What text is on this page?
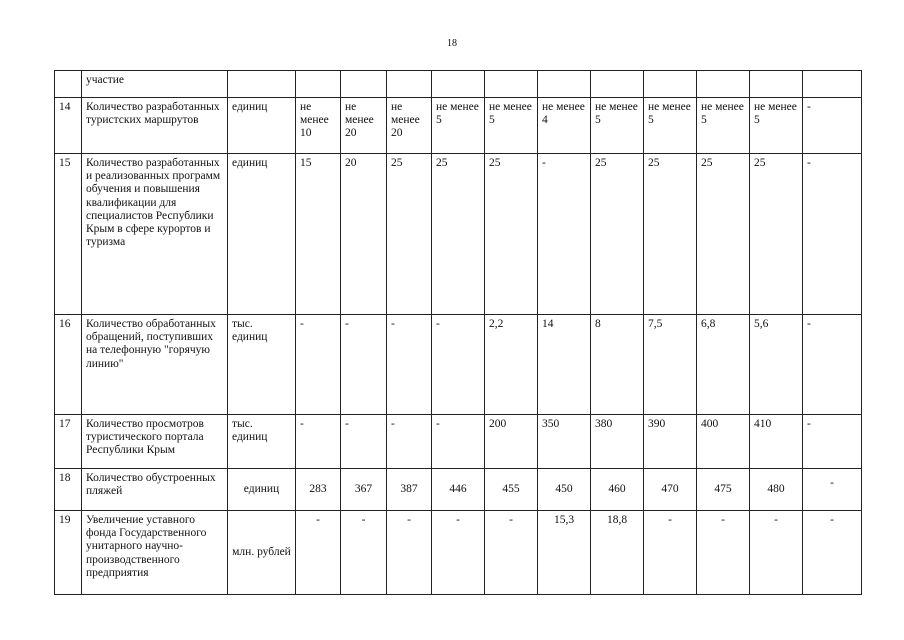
18
	участие												
14	Количество разработанных туристских маршрутов	единиц	не менее 10	не менее 20	не менее 20	не менее 5	не менее 5	не менее 4	не менее 5	не менее 5	не менее 5	не менее 5	-
15	Количество разработанных и реализованных программ обучения и повышения квалификации для специалистов Республики Крым в сфере курортов и туризма	единиц	15	20	25	25	25	-	25	25	25	25	-
16	Количество обработанных обращений, поступивших на телефонную "горячую линию"	тыс. единиц	-	-	-	-	2,2	14	8	7,5	6,8	5,6	-
17	Количество просмотров туристического портала Республики Крым	тыс. единиц	-	-	-	-	200	350	380	390	400	410	-
18	Количество обустроенных пляжей	единиц	283	367	387	446	455	450	460	470	475	480	-
19	Увеличение уставного фонда Государственного унитарного научно-производственного предприятия	млн. рублей	-	-	-	-	-	15,3	18,8	-	-	-	-
